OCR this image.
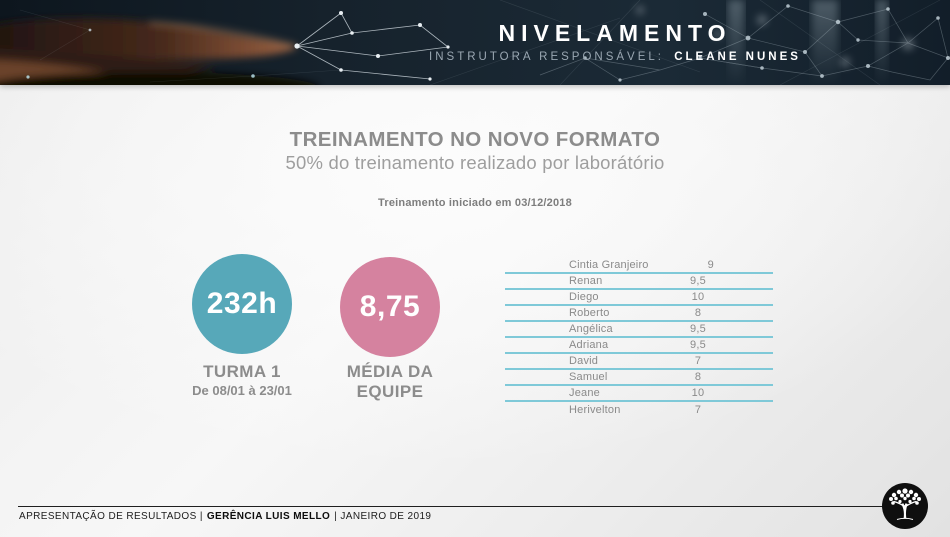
NIVELAMENTO
INSTRUTORA RESPONSÁVEL: CLEANE NUNES
TREINAMENTO NO NOVO FORMATO
50% do treinamento realizado por laborátório
Treinamento iniciado em 03/12/2018
232h
TURMA 1
De 08/01 à 23/01
8,75
MÉDIA DA
EQUIPE
Cintia Granjeiro	9
Renan	9,5
Diego	10
Roberto	8
Angélica	9,5
Adriana	9,5
David	7
Samuel	8
Jeane	10
Herivelton	7
APRESENTAÇÃO DE RESULTADOS | GERÊNCIA LUIS MELLO | JANEIRO DE 2019
